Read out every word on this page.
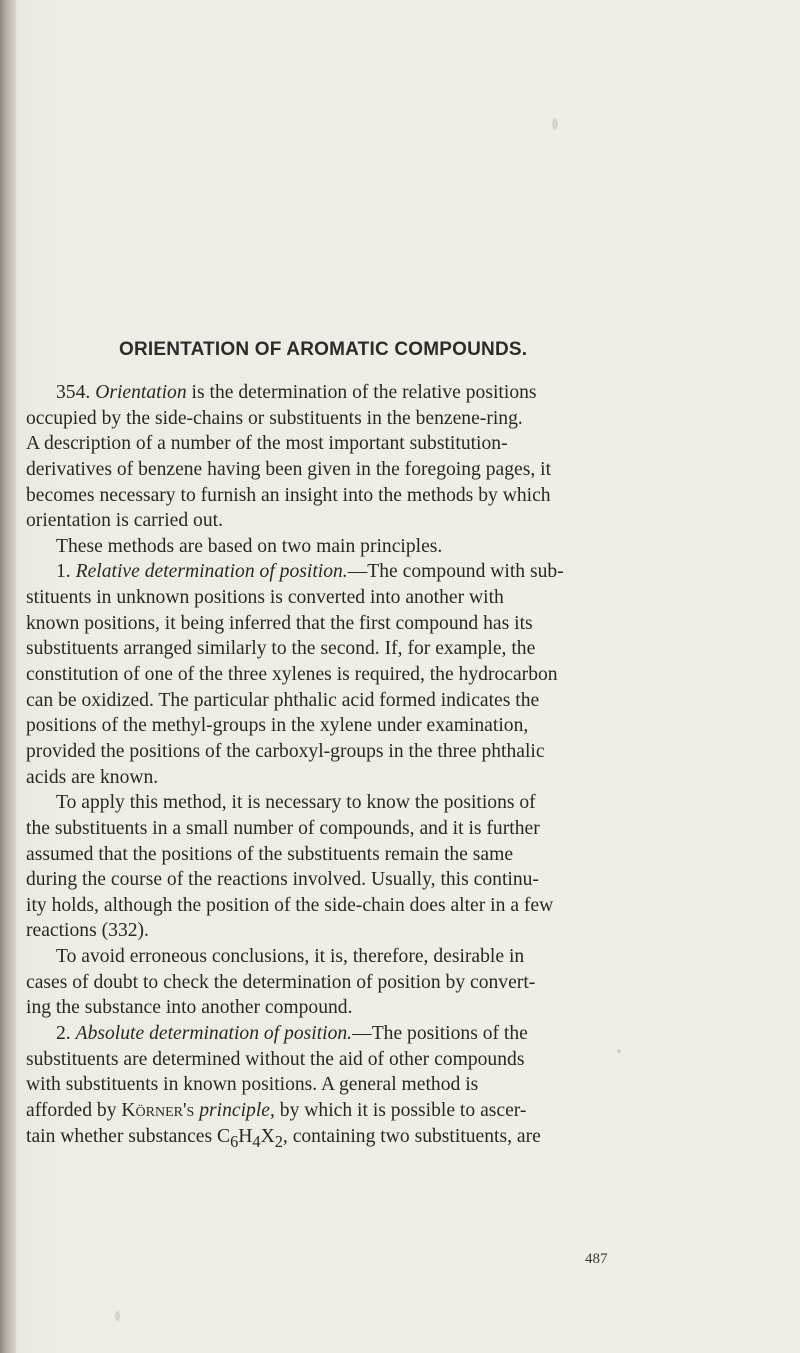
ORIENTATION OF AROMATIC COMPOUNDS.
354. Orientation is the determination of the relative positions
occupied by the side-chains or substituents in the benzene-ring.
A description of a number of the most important substitution-
derivatives of benzene having been given in the foregoing pages, it
becomes necessary to furnish an insight into the methods by which
orientation is carried out.
These methods are based on two main principles.
1. Relative determination of position.—The compound with sub-
stituents in unknown positions is converted into another with
known positions, it being inferred that the first compound has its
substituents arranged similarly to the second. If, for example, the
constitution of one of the three xylenes is required, the hydrocarbon
can be oxidized. The particular phthalic acid formed indicates the
positions of the methyl-groups in the xylene under examination,
provided the positions of the carboxyl-groups in the three phthalic
acids are known.
To apply this method, it is necessary to know the positions of
the substituents in a small number of compounds, and it is further
assumed that the positions of the substituents remain the same
during the course of the reactions involved. Usually, this continu-
ity holds, although the position of the side-chain does alter in a few
reactions (332).
To avoid erroneous conclusions, it is, therefore, desirable in
cases of doubt to check the determination of position by convert-
ing the substance into another compound.
2. Absolute determination of position.—The positions of the
substituents are determined without the aid of other compounds
with substituents in known positions. A general method is
afforded by Körner's principle, by which it is possible to ascer-
tain whether substances $C_6H_4X_2$, containing two substituents, are
487
